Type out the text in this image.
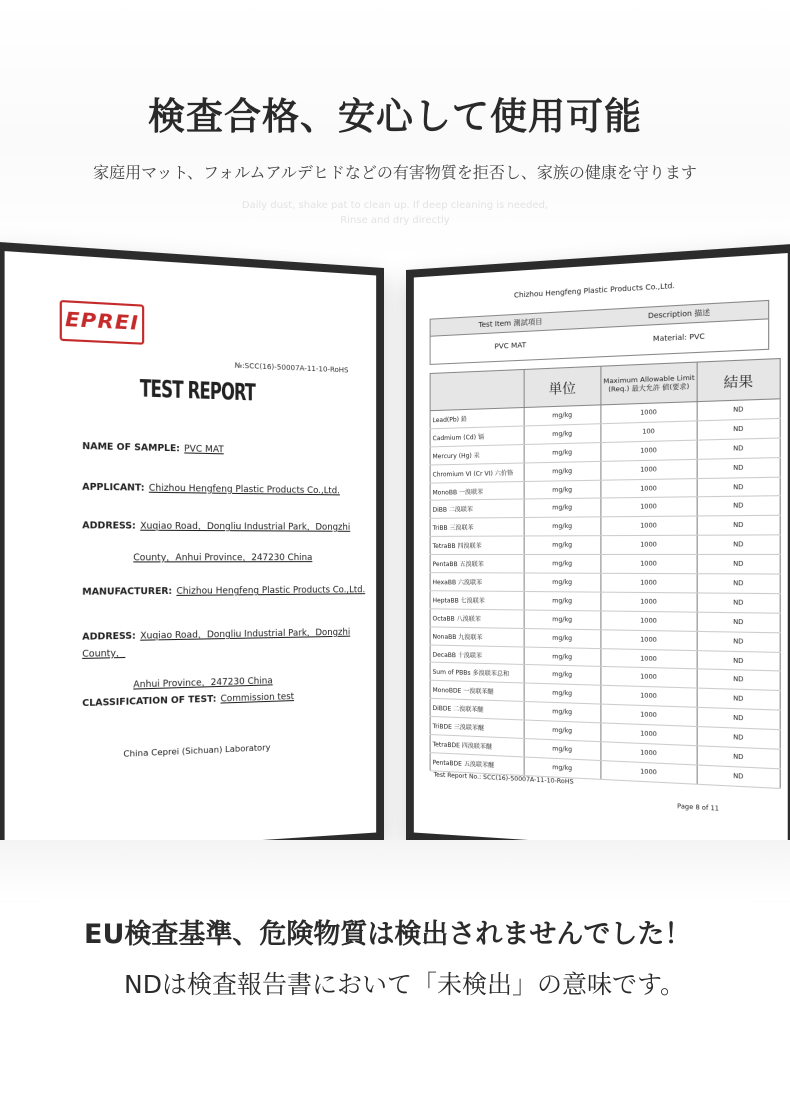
検査合格、安心して使用可能
家庭用マット、フォルムアルデヒドなどの有害物質を拒否し、家族の健康を守ります
Daily dust, shake pat to clean up. If deep cleaning is needed,
Rinse and dry directly
EPREI
№:SCC(16)-50007A-11-10-RoHS
TEST REPORT
NAME OF SAMPLE: PVC MAT
APPLICANT: Chizhou Hengfeng Plastic Products Co.,Ltd.
ADDRESS: Xuqiao Road，Dongliu Industrial Park，Dongzhi
County，Anhui Province，247230 China
MANUFACTURER: Chizhou Hengfeng Plastic Products Co.,Ltd.
ADDRESS: Xuqiao Road，Dongliu Industrial Park，Dongzhi County，
Anhui Province，247230 China
CLASSIFICATION OF TEST: Commission test
China Ceprei (Sichuan) Laboratory
Chizhou Hengfeng Plastic Products Co.,Ltd.
Test Item 測試項目
Description 描述
PVC MAT
Material: PVC
	単位	Maximum Allowable Limit (Req.) 最大允許 値(要求)	結果
Lead(Pb) 鉛	mg/kg	1000	ND
Cadmium (Cd) 镉	mg/kg	100	ND
Mercury (Hg) 汞	mg/kg	1000	ND
Chromium VI (Cr VI) 六价铬	mg/kg	1000	ND
MonoBB 一溴联苯	mg/kg	1000	ND
DiBB 二溴联苯	mg/kg	1000	ND
TriBB 三溴联苯	mg/kg	1000	ND
TetraBB 四溴联苯	mg/kg	1000	ND
PentaBB 五溴联苯	mg/kg	1000	ND
HexaBB 六溴联苯	mg/kg	1000	ND
HeptaBB 七溴联苯	mg/kg	1000	ND
OctaBB 八溴联苯	mg/kg	1000	ND
NonaBB 九溴联苯	mg/kg	1000	ND
DecaBB 十溴联苯	mg/kg	1000	ND
Sum of PBBs 多溴联苯总和	mg/kg	1000	ND
MonoBDE 一溴联苯醚	mg/kg	1000	ND
DiBDE 二溴联苯醚	mg/kg	1000	ND
TriBDE 三溴联苯醚	mg/kg	1000	ND
TetraBDE 四溴联苯醚	mg/kg	1000	ND
PentaBDE 五溴联苯醚	mg/kg	1000	ND
Test Report No.: SCC(16)-50007A-11-10-RoHS
Page 8 of 11
EU検査基準、危険物質は検出されませんでした！
NDは検査報告書において「未検出」の意味です。
